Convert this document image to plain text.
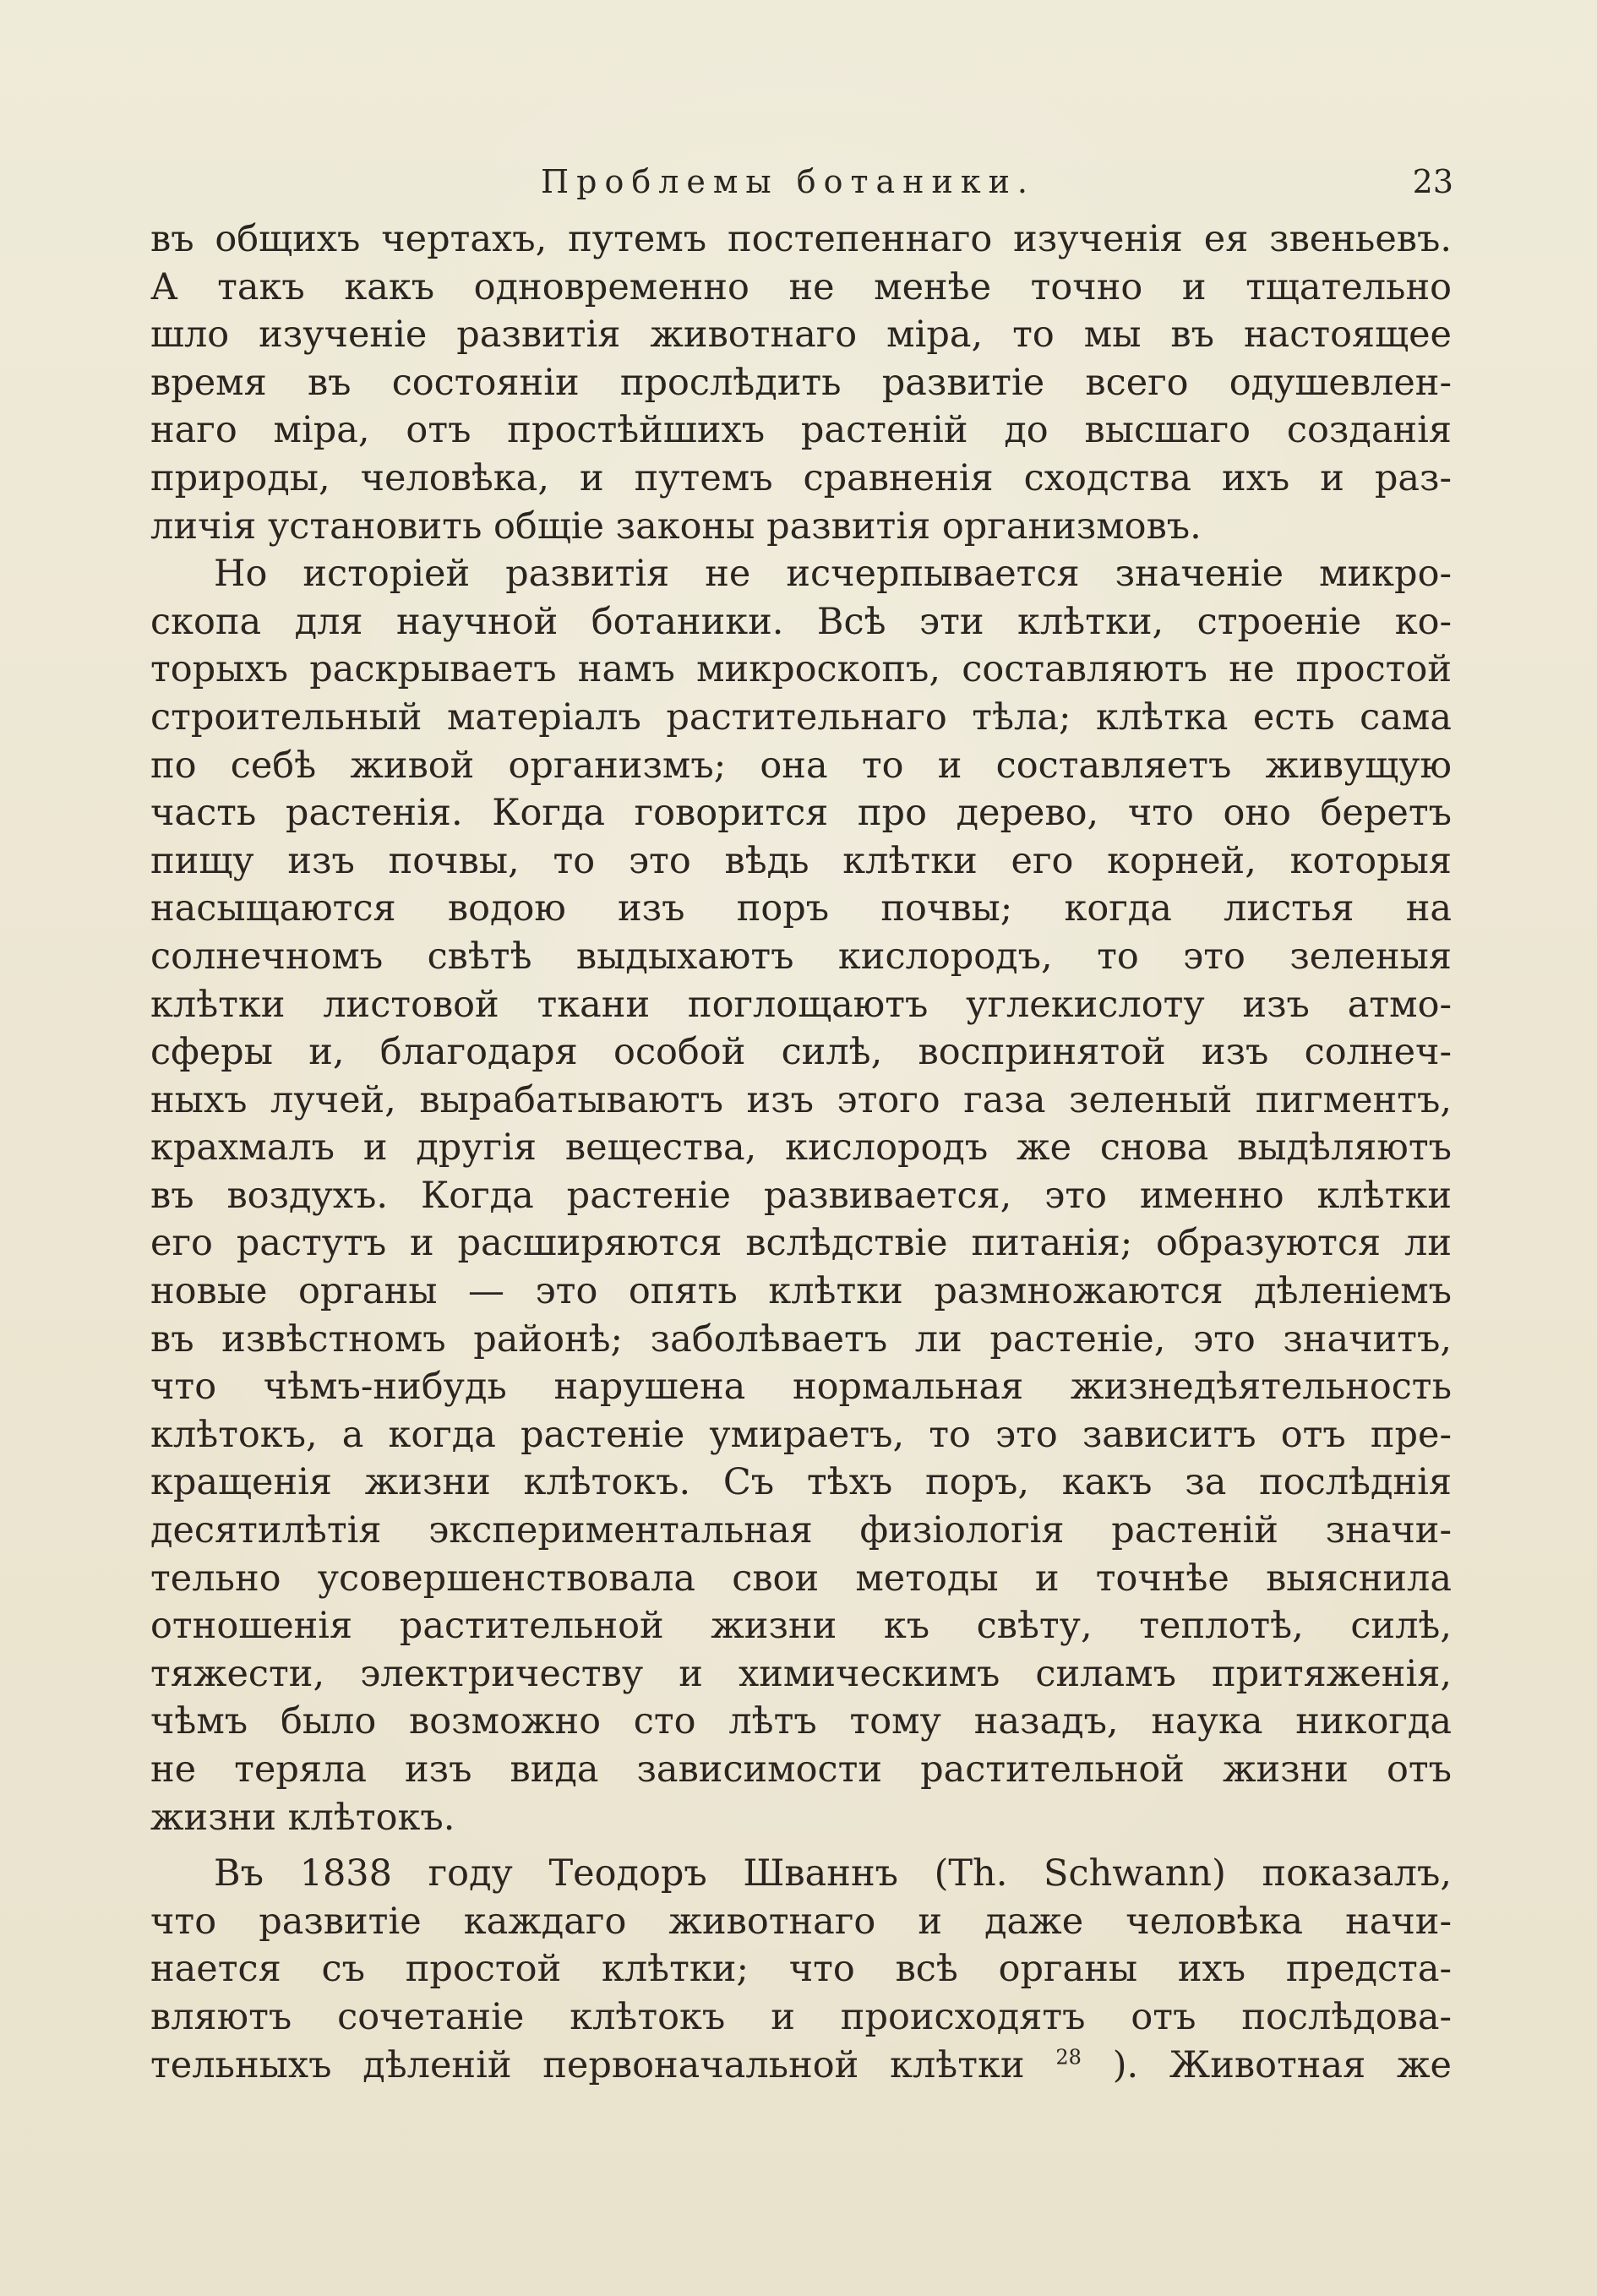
Проблемы ботаники.	23
въ общихъ чертахъ, путемъ постепеннаго изученія ея звеньевъ.
А такъ какъ одновременно не менѣе точно и тщательно
шло изученіе развитія животнаго міра, то мы въ настоящее
время въ состояніи прослѣдить развитіе всего одушевлен-
наго міра, отъ простѣйшихъ растеній до высшаго созданія
природы, человѣка, и путемъ сравненія сходства ихъ и раз-
личія установить общіе законы развитія организмовъ.
Но исторіей развитія не исчерпывается значеніе микро-
скопа для научной ботаники. Всѣ эти клѣтки, строеніе ко-
торыхъ раскрываетъ намъ микроскопъ, составляютъ не простой
строительный матеріалъ растительнаго тѣла; клѣтка есть сама
по себѣ живой организмъ; она то и составляетъ живущую
часть растенія. Когда говорится про дерево, что оно беретъ
пищу изъ почвы, то это вѣдь клѣтки его корней, которыя
насыщаются водою изъ поръ почвы; когда листья на
солнечномъ свѣтѣ выдыхаютъ кислородъ, то это зеленыя
клѣтки листовой ткани поглощаютъ углекислоту изъ атмо-
сферы и, благодаря особой силѣ, воспринятой изъ солнеч-
ныхъ лучей, вырабатываютъ изъ этого газа зеленый пигментъ,
крахмалъ и другія вещества, кислородъ же снова выдѣляютъ
въ воздухъ. Когда растеніе развивается, это именно клѣтки
его растутъ и расширяются вслѣдствіе питанія; образуются ли
новые органы — это опять клѣтки размножаются дѣленіемъ
въ извѣстномъ районѣ; заболѣваетъ ли растеніе, это значитъ,
что чѣмъ-нибудь нарушена нормальная жизнедѣятельность
клѣтокъ, а когда растеніе умираетъ, то это зависитъ отъ пре-
кращенія жизни клѣтокъ. Съ тѣхъ поръ, какъ за послѣднія
десятилѣтія экспериментальная физіологія растеній значи-
тельно усовершенствовала свои методы и точнѣе выяснила
отношенія растительной жизни къ свѣту, теплотѣ, силѣ,
тяжести, электричеству и химическимъ силамъ притяженія,
чѣмъ было возможно сто лѣтъ тому назадъ, наука никогда
не теряла изъ вида зависимости растительной жизни отъ
жизни клѣтокъ.
Въ 1838 году Теодоръ Шваннъ (Th. Schwann) показалъ,
что развитіе каждаго животнаго и даже человѣка начи-
нается съ простой клѣтки; что всѣ органы ихъ предста-
вляютъ сочетаніе клѣтокъ и происходятъ отъ послѣдова-
тельныхъ дѣленій первоначальной клѣтки $^{28}$ ). Животная же
